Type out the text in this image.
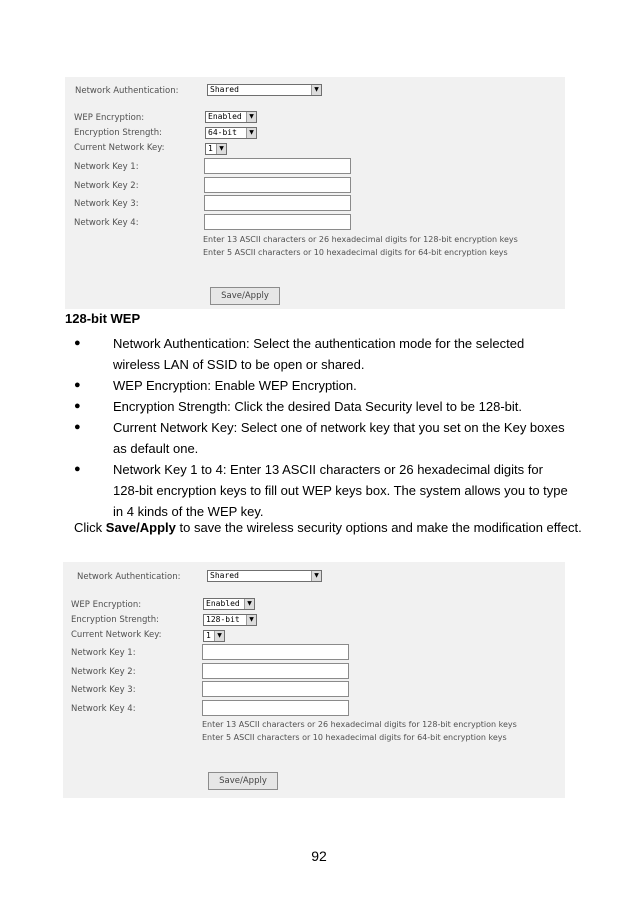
Network Authentication:	Shared	▼
WEP Encryption:	Enabled	▼
Encryption Strength:	64-bit	▼
Current Network Key:	1	▼
Network Key 1:
Network Key 2:
Network Key 3:
Network Key 4:
Enter 13 ASCII characters or 26 hexadecimal digits for 128-bit encryption keys
Enter 5 ASCII characters or 10 hexadecimal digits for 64-bit encryption keys
Save/Apply
128-bit WEP
●	Network Authentication: Select the authentication mode for the selected wireless LAN of SSID to be open or shared.
●	WEP Encryption: Enable WEP Encryption.
●	Encryption Strength: Click the desired Data Security level to be 128-bit.
●	Current Network Key: Select one of network key that you set on the Key boxes as default one.
●	Network Key 1 to 4: Enter 13 ASCII characters or 26 hexadecimal digits for 128-bit encryption keys to fill out WEP keys box. The system allows you to type in 4 kinds of the WEP key.
Click Save/Apply to save the wireless security options and make the modification effect.
Network Authentication:	Shared	▼
WEP Encryption:	Enabled	▼
Encryption Strength:	128-bit	▼
Current Network Key:	1	▼
Network Key 1:
Network Key 2:
Network Key 3:
Network Key 4:
Enter 13 ASCII characters or 26 hexadecimal digits for 128-bit encryption keys
Enter 5 ASCII characters or 10 hexadecimal digits for 64-bit encryption keys
Save/Apply
92
